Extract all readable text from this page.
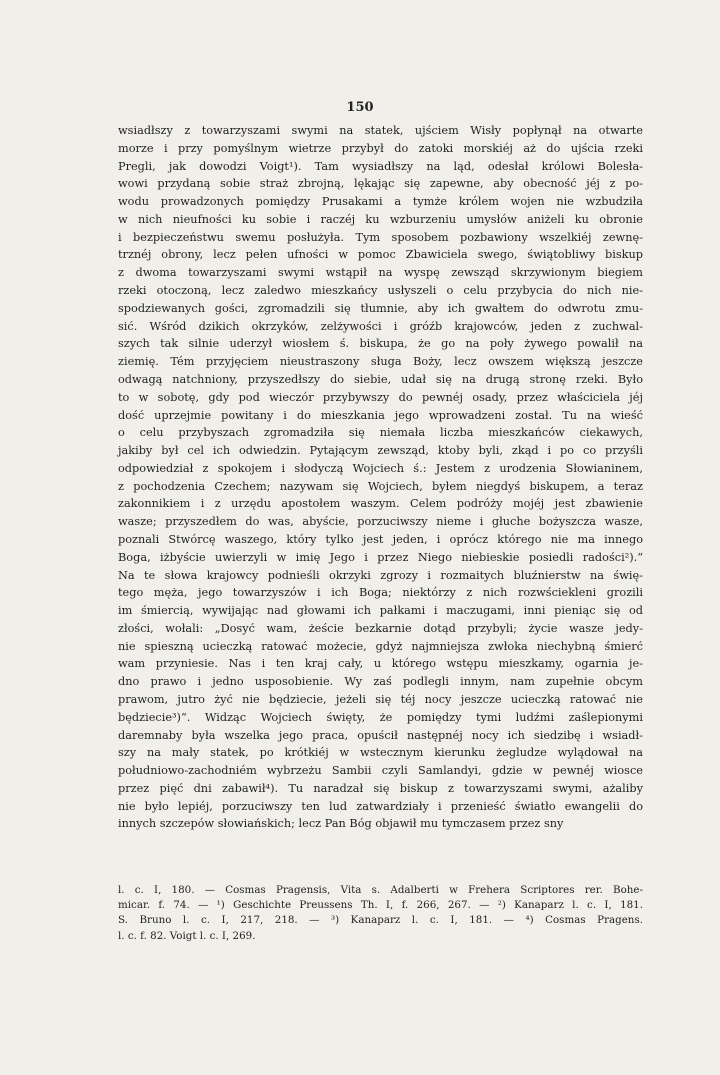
150
wsiadłszy z towarzyszami swymi na statek, ujściem Wisły popłynął na otwarte
morze i przy pomyślnym wietrze przybył do zatoki morskiéj aż do ujścia rzeki
Pregli, jak dowodzi Voigt¹). Tam wysiadłszy na ląd, odesłał królowi Bolesła-
wowi przydaną sobie straż zbrojną, lękając się zapewne, aby obecność jéj z po-
wodu prowadzonych pomiędzy Prusakami a tymże królem wojen nie wzbudziła
w nich nieufności ku sobie i raczéj ku wzburzeniu umysłów aniżeli ku obronie
i bezpieczeństwu swemu posłużyła. Tym sposobem pozbawiony wszelkiéj zewnę-
trznéj obrony, lecz pełen ufności w pomoc Zbawiciela swego, świątobliwy biskup
z dwoma towarzyszami swymi wstąpił na wyspę zewsząd skrzywionym biegiem
rzeki otoczoną, lecz zaledwo mieszkańcy usłyszeli o celu przybycia do nich nie-
spodziewanych gości, zgromadzili się tłumnie, aby ich gwałtem do odwrotu zmu-
sić. Wśród dzikich okrzyków, zelżywości i gróźb krajowców, jeden z zuchwal-
szych tak silnie uderzył wiosłem ś. biskupa, że go na poły żywego powalił na
ziemię. Tém przyjęciem nieustraszony sługa Boży, lecz owszem większą jeszcze
odwagą natchniony, przyszedłszy do siebie, udał się na drugą stronę rzeki. Było
to w sobotę, gdy pod wieczór przybywszy do pewnéj osady, przez właściciela jéj
dość uprzejmie powitany i do mieszkania jego wprowadzeni został. Tu na wieść
o celu przybyszach zgromadziła się niemała liczba mieszkańców ciekawych,
jakiby był cel ich odwiedzin. Pytającym zewsząd, ktoby byli, zkąd i po co przyśli
odpowiedział z spokojem i słodyczą Wojciech ś.: Jestem z urodzenia Słowianinem,
z pochodzenia Czechem; nazywam się Wojciech, byłem niegdyś biskupem, a teraz
zakonnikiem i z urzędu apostołem waszym. Celem podróży mojéj jest zbawienie
wasze; przyszedłem do was, abyście, porzuciwszy nieme i głuche bożyszcza wasze,
poznali Stwórcę waszego, który tylko jest jeden, i oprócz którego nie ma innego
Boga, iżbyście uwierzyli w imię Jego i przez Niego niebieskie posiedli radości²).“
Na te słowa krajowcy podnieśli okrzyki zgrozy i rozmaitych bluźnierstw na świę-
tego męża, jego towarzyszów i ich Boga; niektórzy z nich rozwścieklenі grozili
im śmiercią, wywijając nad głowami ich pałkami i maczugami, inni pieniąc się od
złości, wołali: „Dosyć wam, żeście bezkarnie dotąd przybyli; życie wasze jedy-
nie spieszną ucieczką ratować możecie, gdyż najmniejsza zwłoka niechybną śmierć
wam przyniesie. Nas i ten kraj cały, u którego wstępu mieszkamy, ogarnia je-
dno prawo i jedno usposobienie. Wy zaś podlegli innym, nam zupełnie obcym
prawom, jutro żyć nie będziecie, jeżeli się téj nocy jeszcze ucieczką ratować nie
będziecie³)“. Widząc Wojciech święty, że pomiędzy tymi ludźmi zaślepionymi
daremnaby była wszelka jego praca, opuścił następnéj nocy ich siedzibę i wsiadł-
szy na mały statek, po krótkiéj w wstecznym kierunku żegludze wylądował na
południowo-zachodniém wybrzeżu Sambii czyli Samlandyi, gdzie w pewnéj wiosce
przez pięć dni zabawił⁴). Tu naradzał się biskup z towarzyszami swymi, ażaliby
nie było lepiéj, porzuciwszy ten lud zatwardziały i przenieść światło ewangelii do
innych szczepów słowiańskich; lecz Pan Bóg objawił mu tymczasem przez sny
l. c. I, 180. — Cosmas Pragensis, Vita s. Adalberti w Frehera Scriptores rer. Bohe-
micar. f. 74. — ¹) Geschichte Preussens Th. I, f. 266, 267. — ²) Kanaparz l. c. I, 181.
S. Bruno l. c. I, 217, 218. — ³) Kanaparz l. c. I, 181. — ⁴) Cosmas Pragens.
l. c. f. 82. Voigt l. c. I, 269.
